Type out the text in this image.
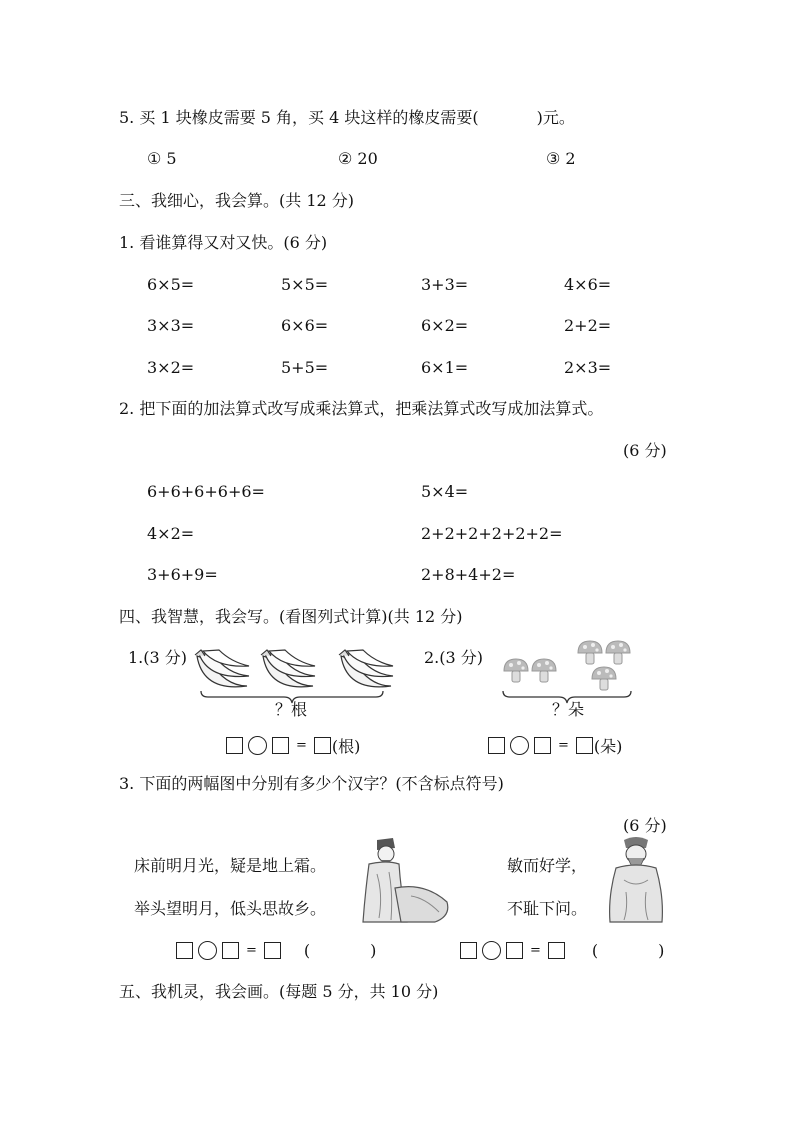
5. 买 1 块橡皮需要 5 角，买 4 块这样的橡皮需要(	)元。
① 5	② 20	③ 2
三、我细心，我会算。(共 12 分)
1. 看谁算得又对又快。(6 分)
6×5=	5×5=	3+3=	4×6=
3×3=	6×6=	6×2=	2+2=
3×2=	5+5=	6×1=	2×3=
2. 把下面的加法算式改写成乘法算式，把乘法算式改写成加法算式。
(6 分)
6+6+6+6+6=	5×4=
4×2=	2+2+2+2+2+2=
3+6+9=	2+8+4+2=
四、我智慧，我会写。(看图列式计算)(共 12 分)
1.(3 分)
？根
= (根)
2.(3 分)
？朵
= (朵)
3. 下面的两幅图中分别有多少个汉字？(不含标点符号)
(6 分)
床前明月光，疑是地上霜。
举头望明月，低头思故乡。
敏而好学，
不耻下问。
=	(	)	=	(	)
五、我机灵，我会画。(每题 5 分，共 10 分)
